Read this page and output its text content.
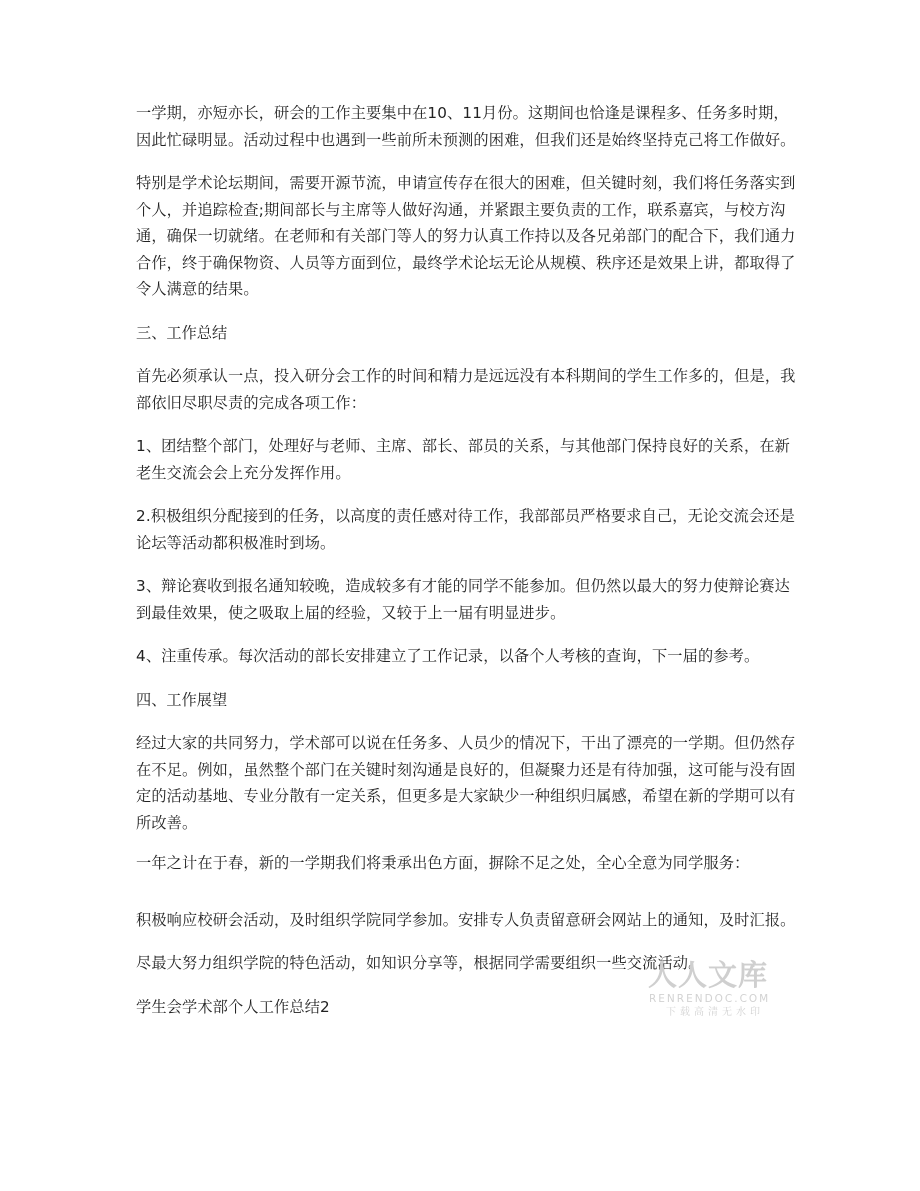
一学期，亦短亦长，研会的工作主要集中在10、11月份。这期间也恰逢是课程多、任务多时期，因此忙碌明显。活动过程中也遇到一些前所未预测的困难，但我们还是始终坚持克己将工作做好。

特别是学术论坛期间，需要开源节流，申请宣传存在很大的困难，但关键时刻，我们将任务落实到个人，并追踪检查;期间部长与主席等人做好沟通，并紧跟主要负责的工作，联系嘉宾，与校方沟通，确保一切就绪。在老师和有关部门等人的努力认真工作持以及各兄弟部门的配合下，我们通力合作，终于确保物资、人员等方面到位，最终学术论坛无论从规模、秩序还是效果上讲，都取得了令人满意的结果。

三、工作总结

首先必须承认一点，投入研分会工作的时间和精力是远远没有本科期间的学生工作多的，但是，我部依旧尽职尽责的完成各项工作：

1、团结整个部门，处理好与老师、主席、部长、部员的关系，与其他部门保持良好的关系，在新老生交流会会上充分发挥作用。

2.积极组织分配接到的任务，以高度的责任感对待工作，我部部员严格要求自己，无论交流会还是论坛等活动都积极准时到场。

3、辩论赛收到报名通知较晚，造成较多有才能的同学不能参加。但仍然以最大的努力使辩论赛达到最佳效果，使之吸取上届的经验，又较于上一届有明显进步。

4、注重传承。每次活动的部长安排建立了工作记录，以备个人考核的查询，下一届的参考。

四、工作展望

经过大家的共同努力，学术部可以说在任务多、人员少的情况下，干出了漂亮的一学期。但仍然存在不足。例如，虽然整个部门在关键时刻沟通是良好的，但凝聚力还是有待加强，这可能与没有固定的活动基地、专业分散有一定关系，但更多是大家缺少一种组织归属感，希望在新的学期可以有所改善。

一年之计在于春，新的一学期我们将秉承出色方面，摒除不足之处，全心全意为同学服务：

积极响应校研会活动，及时组织学院同学参加。安排专人负责留意研会网站上的通知，及时汇报。

尽最大努力组织学院的特色活动，如知识分享等，根据同学需要组织一些交流活动。

学生会学术部个人工作总结2

人人文库
RENRENDOC.COM
下载高清无水印
